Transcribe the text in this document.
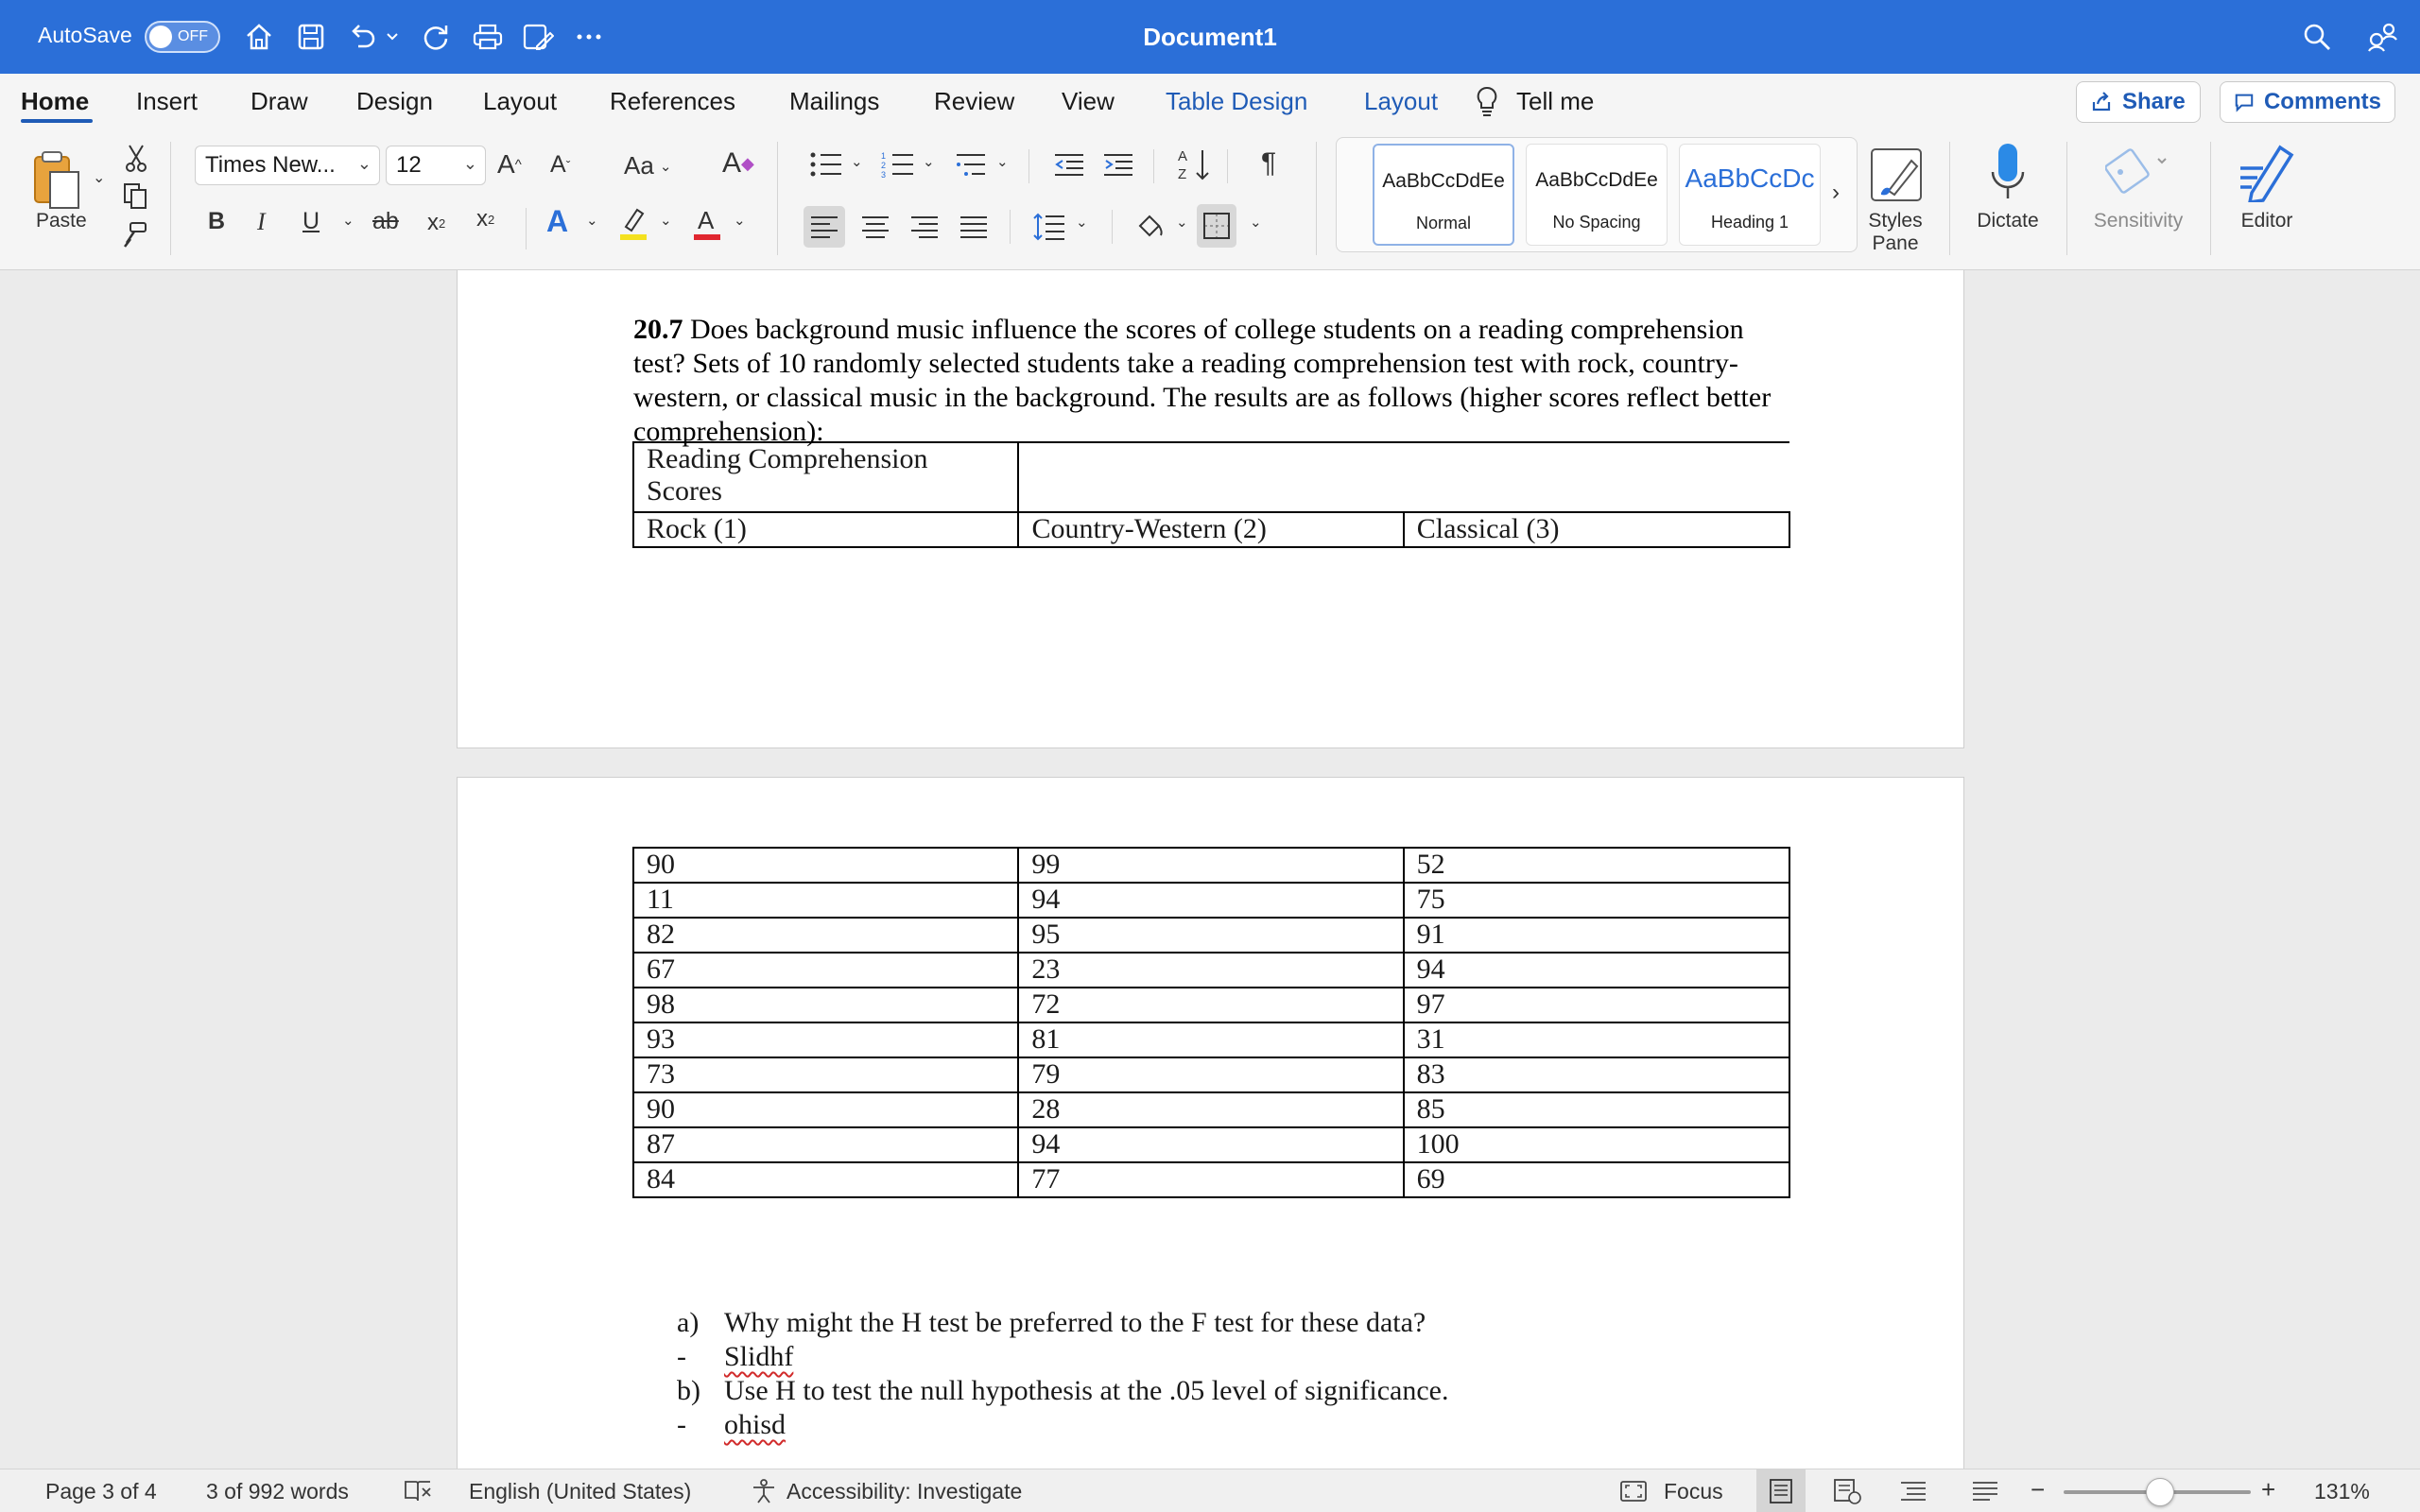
AutoSave	OFF	Document1
Home Insert Draw Design Layout References Mailings Review View Table Design Layout	Tell me	Share	Comments
⌄
Paste
Times New... ⌄	12 ⌄ A ^ A ˇ Aa ⌄ A ◆
B I U ⌄ ab x 2 x 2 A ⌄	⌄ A ⌄
⌄ 1
2
3
⌄	⌄	A
Z	¶
⌄	⌄	⌄
AaBbCcDdEe
Normal
AaBbCcDdEe
No Spacing
AaBbCcDc
Heading 1
›
Styles Pane
Dictate	Sensitivity	Editor
20.7 Does background music influence the scores of college students on a reading comprehension test? Sets of 10 randomly selected students take a reading comprehension test with rock, country-western, or classical music in the background. The results are as follows (higher scores reflect better comprehension):
Reading Comprehension Scores		
Rock (1)	Country-Western (2)	Classical (3)
90	99	52
11	94	75
82	95	91
67	23	94
98	72	97
93	81	31
73	79	83
90	28	85
87	94	100
84	77	69
a) Why might the H test be preferred to the F test for these data?
-	Slidhf
b) Use H to test the null hypothesis at the .05 level of significance.
-	ohisd
Page 3 of 4 3 of 992 words	English (United States)	Accessibility: Investigate	Focus	−	+ 131%
